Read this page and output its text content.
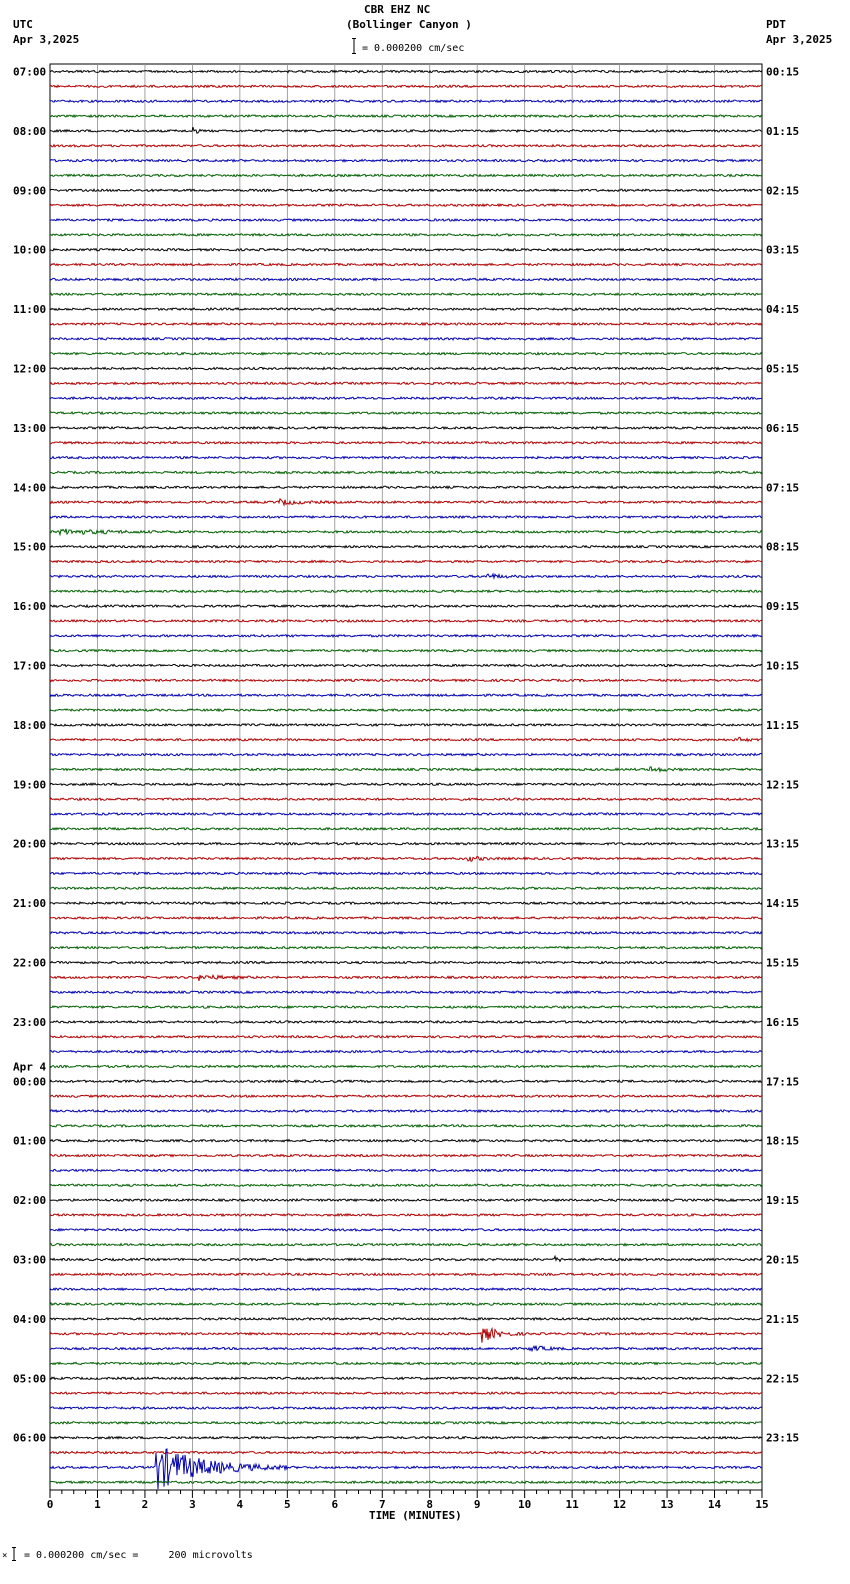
CBR EHZ NC
(Bollinger Canyon )
= 0.000200 cm/sec
UTC
Apr 3,2025
PDT
Apr 3,2025
07:00
08:00
09:00
10:00
11:00
12:00
13:00
14:00
15:00
16:00
17:00
18:00
19:00
20:00
21:00
22:00
23:00
00:00
01:00
02:00
03:00
04:00
05:00
06:00
00:15
01:15
02:15
03:15
04:15
05:15
06:15
07:15
08:15
09:15
10:15
11:15
12:15
13:15
14:15
15:15
16:15
17:15
18:15
19:15
20:15
21:15
22:15
23:15
Apr 4
0	1	2	3	4	5	6	7	8	9	10	11	12	13	14	15
TIME (MINUTES)
× = 0.000200 cm/sec =     200 microvolts
